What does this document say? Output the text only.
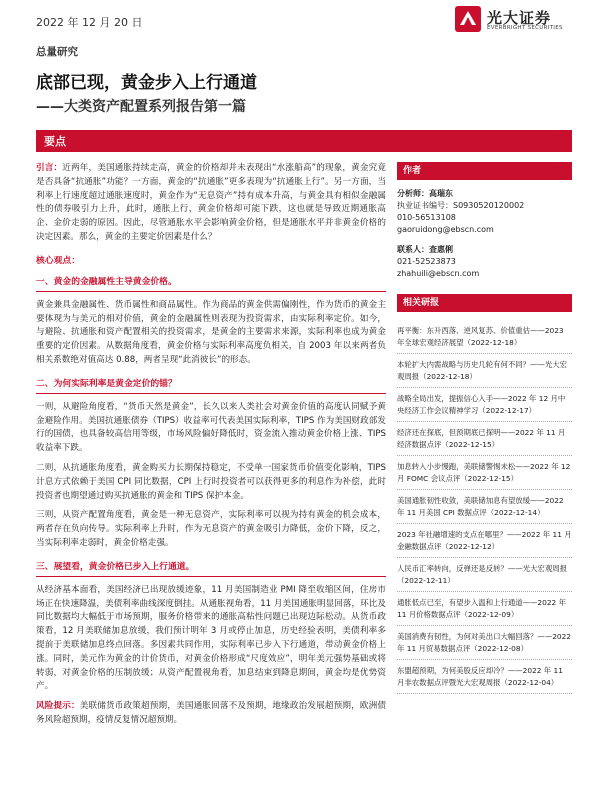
2022 年 12 月 20 日	光大证券
EVERBRIGHT SECURITIES
总量研究
底部已现，黄金步入上行通道
——大类资产配置系列报告第一篇
要点

引言：近两年，美国通胀持续走高，黄金的价格却并未表现出“水涨船高”的现象，黄金究竟是否具备“抗通胀”功能？一方面，黄金的“抗通胀”更多表现为“抗通胀上行”。另一方面，当利率上行速度超过通胀速度时，黄金作为“无息资产”持有成本升高，与黄金具有相似金融属性的债券吸引力上升，此时，通胀上行，黄金价格却可能下跌，这也就是导致近期通胀高企、金价走弱的原因。因此，尽管通胀水平会影响黄金价格，但是通胀水平并非黄金价格的决定因素。那么，黄金的主要定价因素是什么？

核心观点：
一、黄金的金融属性主导黄金价格。

黄金兼具金融属性、货币属性和商品属性。作为商品的黄金供需偏刚性，作为货币的黄金主要体现为与美元的相对价值，黄金的金融属性则表现为投资需求，由实际利率定价。如今，与避险、抗通胀和资产配置相关的投资需求，是黄金的主要需求来源，实际利率也成为黄金重要的定价因素。从数据角度看，黄金价格与实际利率高度负相关，自 2003 年以来两者负相关系数绝对值高达 0.88，两者呈现“此消彼长”的形态。

二、为何实际利率是黄金定价的锚？

一则，从避险角度看，“货币天然是黄金”，长久以来人类社会对黄金价值的高度认同赋予黄金避险作用。美国抗通胀债券（TIPS）收益率可代表美国实际利率，TIPS 作为美国财政部发行的国债，也具备较高信用等级，市场风险偏好降低时，资金流入推动黄金价格上涨、TIPS 收益率下跌。

二则，从抗通胀角度看，黄金购买力长期保持稳定，不受单一国家货币价值变化影响，TIPS 计息方式依赖于美国 CPI 同比数据，CPI 上行时投资者可以获得更多的利息作为补偿，此时投资者也期望通过购买抗通胀的黄金和 TIPS 保护本金。

三则，从资产配置角度看，黄金是一种无息资产，实际利率可以视为持有黄金的机会成本，两者存在负向传导。实际利率上升时，作为无息资产的黄金吸引力降低，金价下降，反之，当实际利率走弱时，黄金价格走强。

三、展望看，黄金价格已步入上行通道。

从经济基本面看，美国经济已出现放缓迹象，11 月美国制造业 PMI 降至收缩区间，住房市场正在快速降温，美债利率曲线深度倒挂。从通胀视角看，11 月美国通胀明显回落，环比及同比数据均大幅低于市场预期，服务价格带来的通胀高粘性问题已出现边际松动。从货币政策看，12 月美联储加息放缓，我们预计明年 3 月或停止加息，历史经验表明，美债利率多提前于美联储加息终点回落。多因素共同作用，实际利率已步入下行通道，带动黄金价格上涨。同时，美元作为黄金的计价货币，对黄金价格形成“尺度效应”，明年美元强势基础或将转弱，对黄金价格的压制放缓；从资产配置视角看，加息结束到降息期间，黄金均是优势资产。

风险提示：美联储货币政策超预期，美国通胀回落不及预期，地缘政治发展超预期，欧洲债务风险超预期，疫情反复情况超预期。

作者
分析师：高瑞东
执业证书编号：S0930520120002
010-56513108
gaoruidong@ebscn.com
联系人：查惠俐
021-52523873
zhahuili@ebscn.com
相关研报
再平衡：东升西落、逆风复苏、价值重估——2023 年全球宏观经济展望（2022-12-18）
本轮扩大内需战略与历史几轮有何不同？——光大宏观周报（2022-12-18）
战略全局出发，提振信心入手——2022 年 12 月中央经济工作会议精神学习（2022-12-17）
经济还在探底，但预期底已探明——2022 年 11 月经济数据点评（2022-12-15）
加息转入小步慢跑，美联储警惕未松——2022 年 12 月 FOMC 会议点评（2022-12-15）
美国通胀韧性收敛，美联储加息有望放缓——2022 年 11 月美国 CPI 数据点评（2022-12-14）
2023 年社融增速的支点在哪里？——2022 年 11 月金融数据点评（2022-12-12）
人民币汇率转向，反弹还是反转？——光大宏观周报（2022-12-11）
通胀低点已至，有望步入温和上行通道——2022 年 11 月价格数据点评（2022-12-09）
美国消费有韧性，为何对美出口大幅回落？——2022 年 11 月贸易数据点评（2022-12-08）
东盟超预期，为何美股反应却冷？——2022 年 11 月非农数据点评暨光大宏观周报（2022-12-04）
